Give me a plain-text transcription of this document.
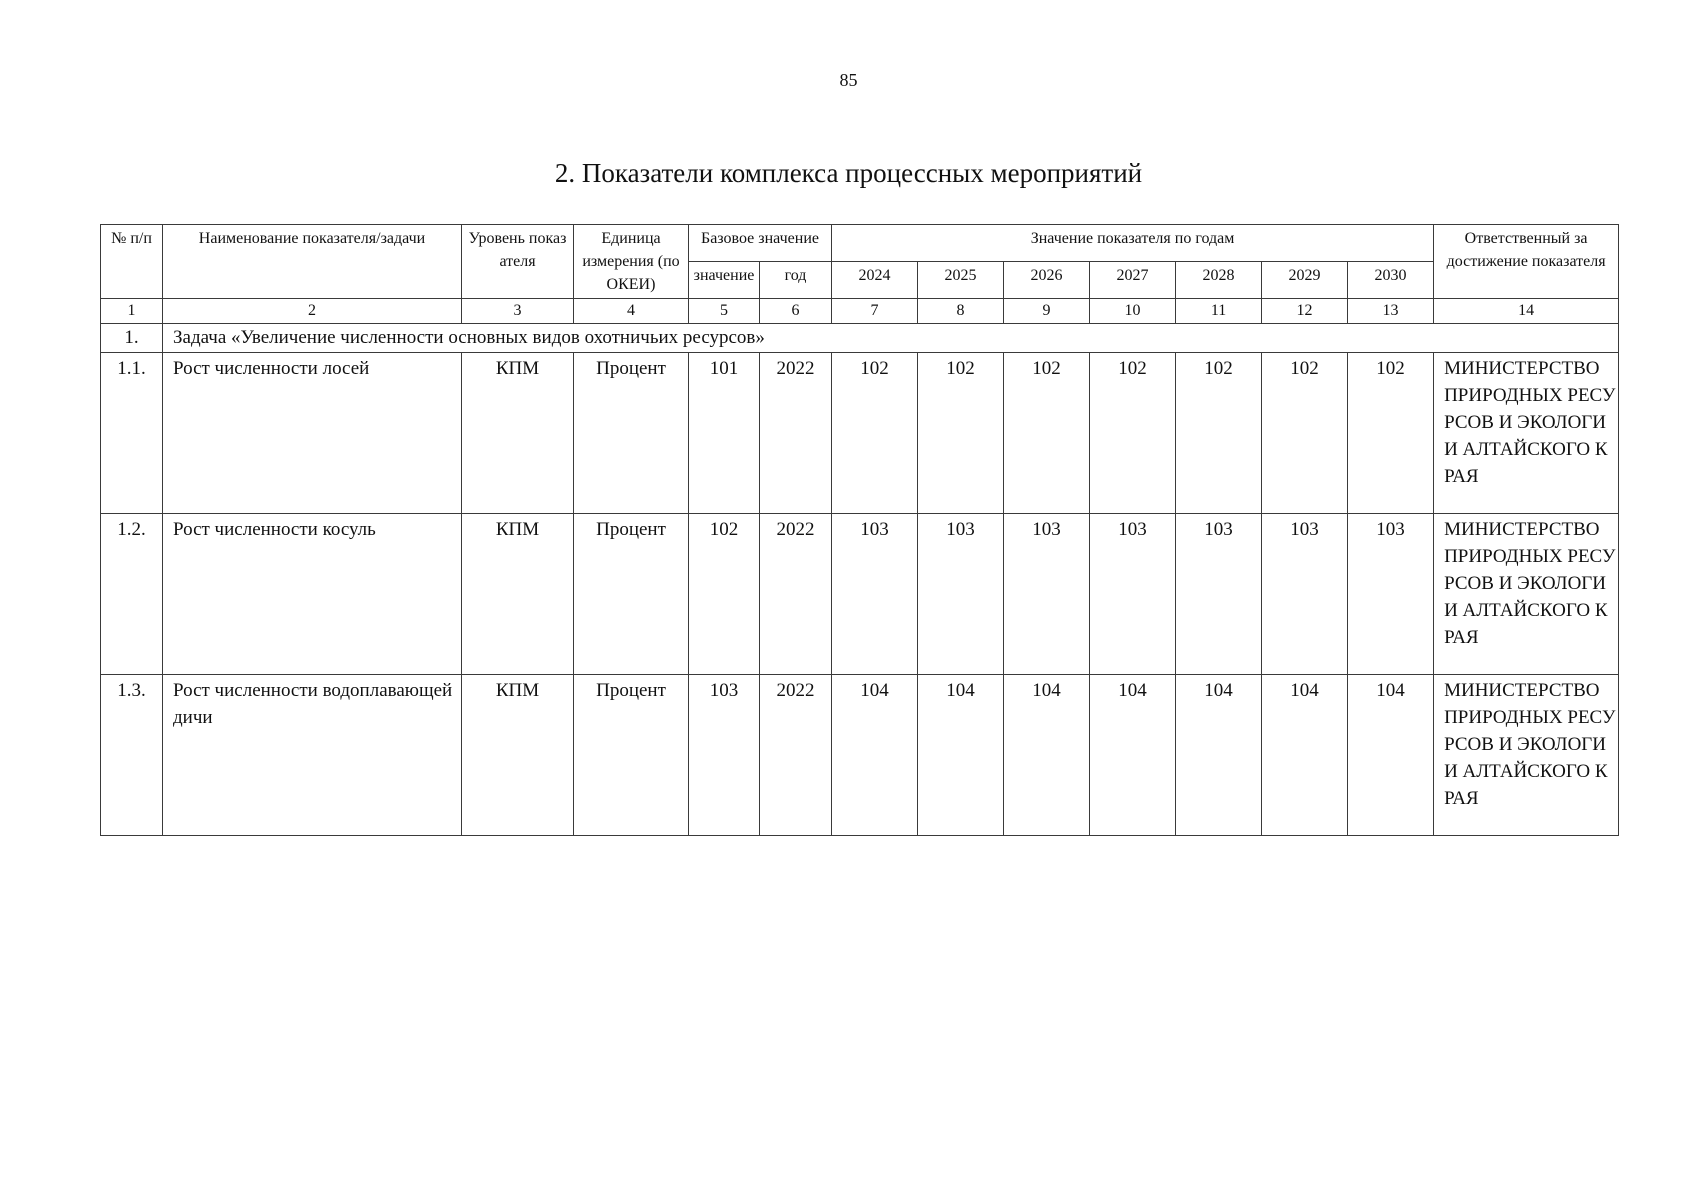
85
2. Показатели комплекса процессных мероприятий
№ п/п	Наименование показателя/задачи	Уровень показателя	Единица измерения (по ОКЕИ)	Базовое значение		Значение показателя по годам							Ответственный за достижение показателя
				значение	год	2024	2025	2026	2027	2028	2029	2030	
1	2	3	4	5	6	7	8	9	10	11	12	13	14
1.	Задача «Увеличение численности основных видов охотничьих ресурсов»												
1.1.	Рост численности лосей	КПМ	Процент	101	2022	102	102	102	102	102	102	102	МИНИСТЕРСТВО ПРИРОДНЫХ РЕСУРСОВ И ЭКОЛОГИИ АЛТАЙСКОГО КРАЯ
1.2.	Рост численности косуль	КПМ	Процент	102	2022	103	103	103	103	103	103	103	МИНИСТЕРСТВО ПРИРОДНЫХ РЕСУРСОВ И ЭКОЛОГИИ АЛТАЙСКОГО КРАЯ
1.3.	Рост численности водоплавающей дичи	КПМ	Процент	103	2022	104	104	104	104	104	104	104	МИНИСТЕРСТВО ПРИРОДНЫХ РЕСУРСОВ И ЭКОЛОГИИ АЛТАЙСКОГО КРАЯ
